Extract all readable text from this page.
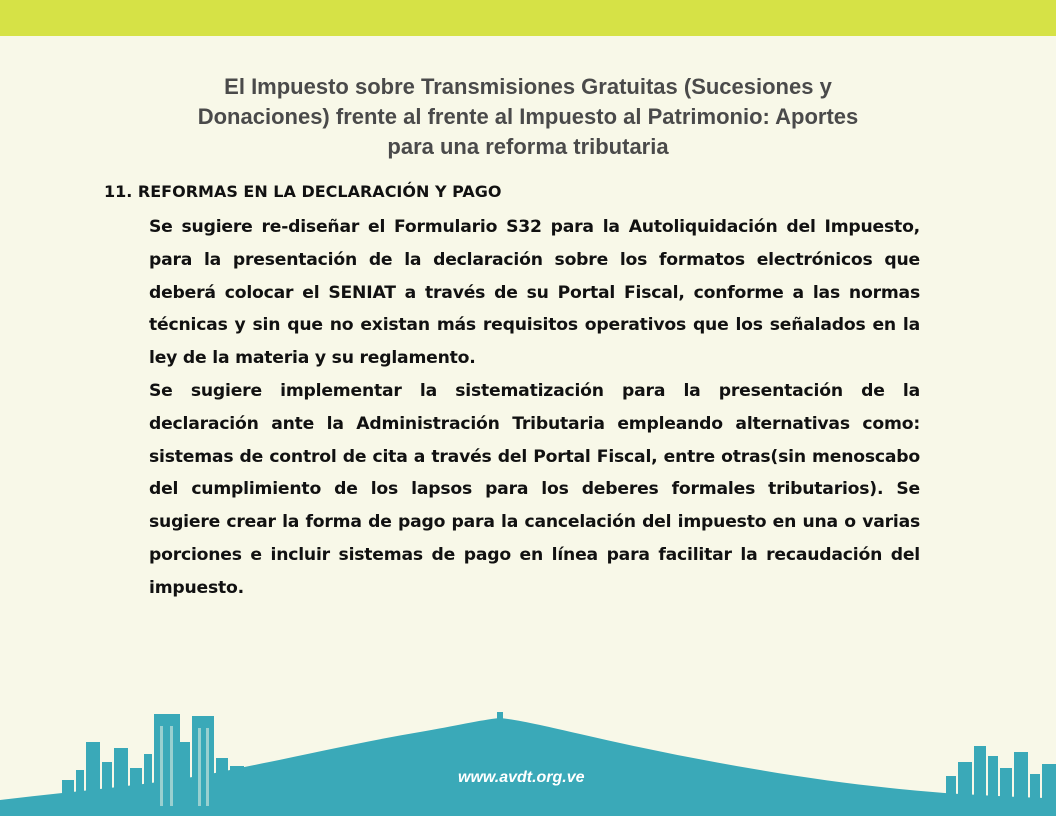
El Impuesto sobre Transmisiones Gratuitas (Sucesiones y
Donaciones) frente al frente al Impuesto al Patrimonio: Aportes
para una reforma tributaria
11. REFORMAS EN LA DECLARACIÓN Y PAGO

Se sugiere re-diseñar el Formulario S32 para la Autoliquidación del Impuesto, para la presentación de la declaración sobre los formatos electrónicos que deberá colocar el SENIAT a través de su Portal Fiscal, conforme a las normas técnicas y sin que no existan más requisitos operativos que los señalados en la ley de la materia y su reglamento.

Se sugiere implementar la sistematización para la presentación de la declaración ante la Administración Tributaria empleando alternativas como: sistemas de control de cita a través del Portal Fiscal, entre otras(sin menoscabo del cumplimiento de los lapsos para los deberes formales tributarios). Se sugiere crear la forma de pago para la cancelación del impuesto en una o varias porciones e incluir sistemas de pago en línea para facilitar la recaudación del impuesto.

www.avdt.org.ve
